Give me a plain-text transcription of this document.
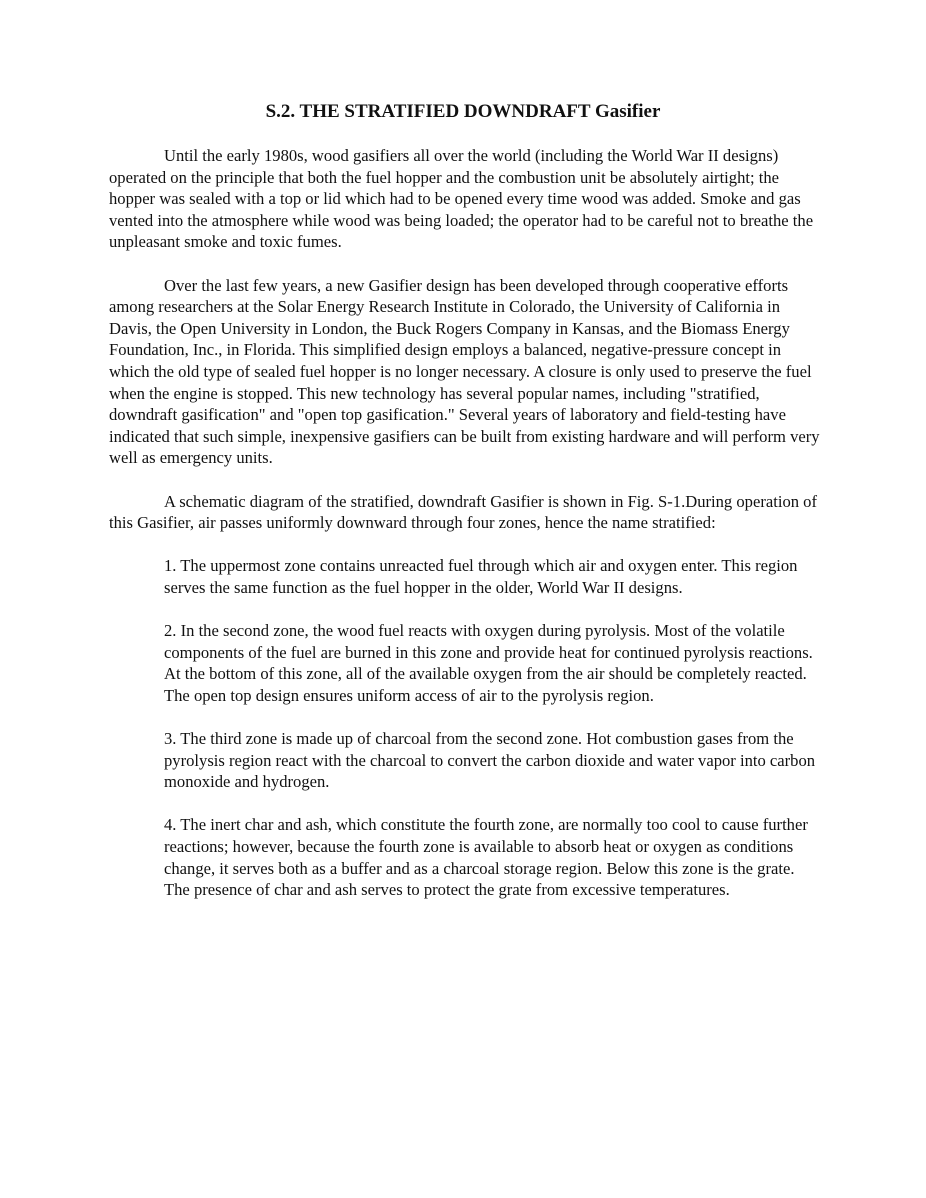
S.2. THE STRATIFIED DOWNDRAFT Gasifier

Until the early 1980s, wood gasifiers all over the world (including the World War II designs) operated on the principle that both the fuel hopper and the combustion unit be absolutely airtight; the hopper was sealed with a top or lid which had to be opened every time wood was added. Smoke and gas vented into the atmosphere while wood was being loaded; the operator had to be careful not to breathe the unpleasant smoke and toxic fumes.

Over the last few years, a new Gasifier design has been developed through cooperative efforts among researchers at the Solar Energy Research Institute in Colorado, the University of California in Davis, the Open University in London, the Buck Rogers Company in Kansas, and the Biomass Energy Foundation, Inc., in Florida. This simplified design employs a balanced, negative-pressure concept in which the old type of sealed fuel hopper is no longer necessary. A closure is only used to preserve the fuel when the engine is stopped. This new technology has several popular names, including "stratified, downdraft gasification" and "open top gasification." Several years of laboratory and field-testing have indicated that such simple, inexpensive gasifiers can be built from existing hardware and will perform very well as emergency units.

A schematic diagram of the stratified, downdraft Gasifier is shown in Fig. S-1.During operation of this Gasifier, air passes uniformly downward through four zones, hence the name stratified:

1. The uppermost zone contains unreacted fuel through which air and oxygen enter. This region serves the same function as the fuel hopper in the older, World War II designs.

2. In the second zone, the wood fuel reacts with oxygen during pyrolysis. Most of the volatile components of the fuel are burned in this zone and provide heat for continued pyrolysis reactions. At the bottom of this zone, all of the available oxygen from the air should be completely reacted. The open top design ensures uniform access of air to the pyrolysis region.

3. The third zone is made up of charcoal from the second zone. Hot combustion gases from the pyrolysis region react with the charcoal to convert the carbon dioxide and water vapor into carbon monoxide and hydrogen.

4. The inert char and ash, which constitute the fourth zone, are normally too cool to cause further reactions; however, because the fourth zone is available to absorb heat or oxygen as conditions change, it serves both as a buffer and as a charcoal storage region. Below this zone is the grate. The presence of char and ash serves to protect the grate from excessive temperatures.
